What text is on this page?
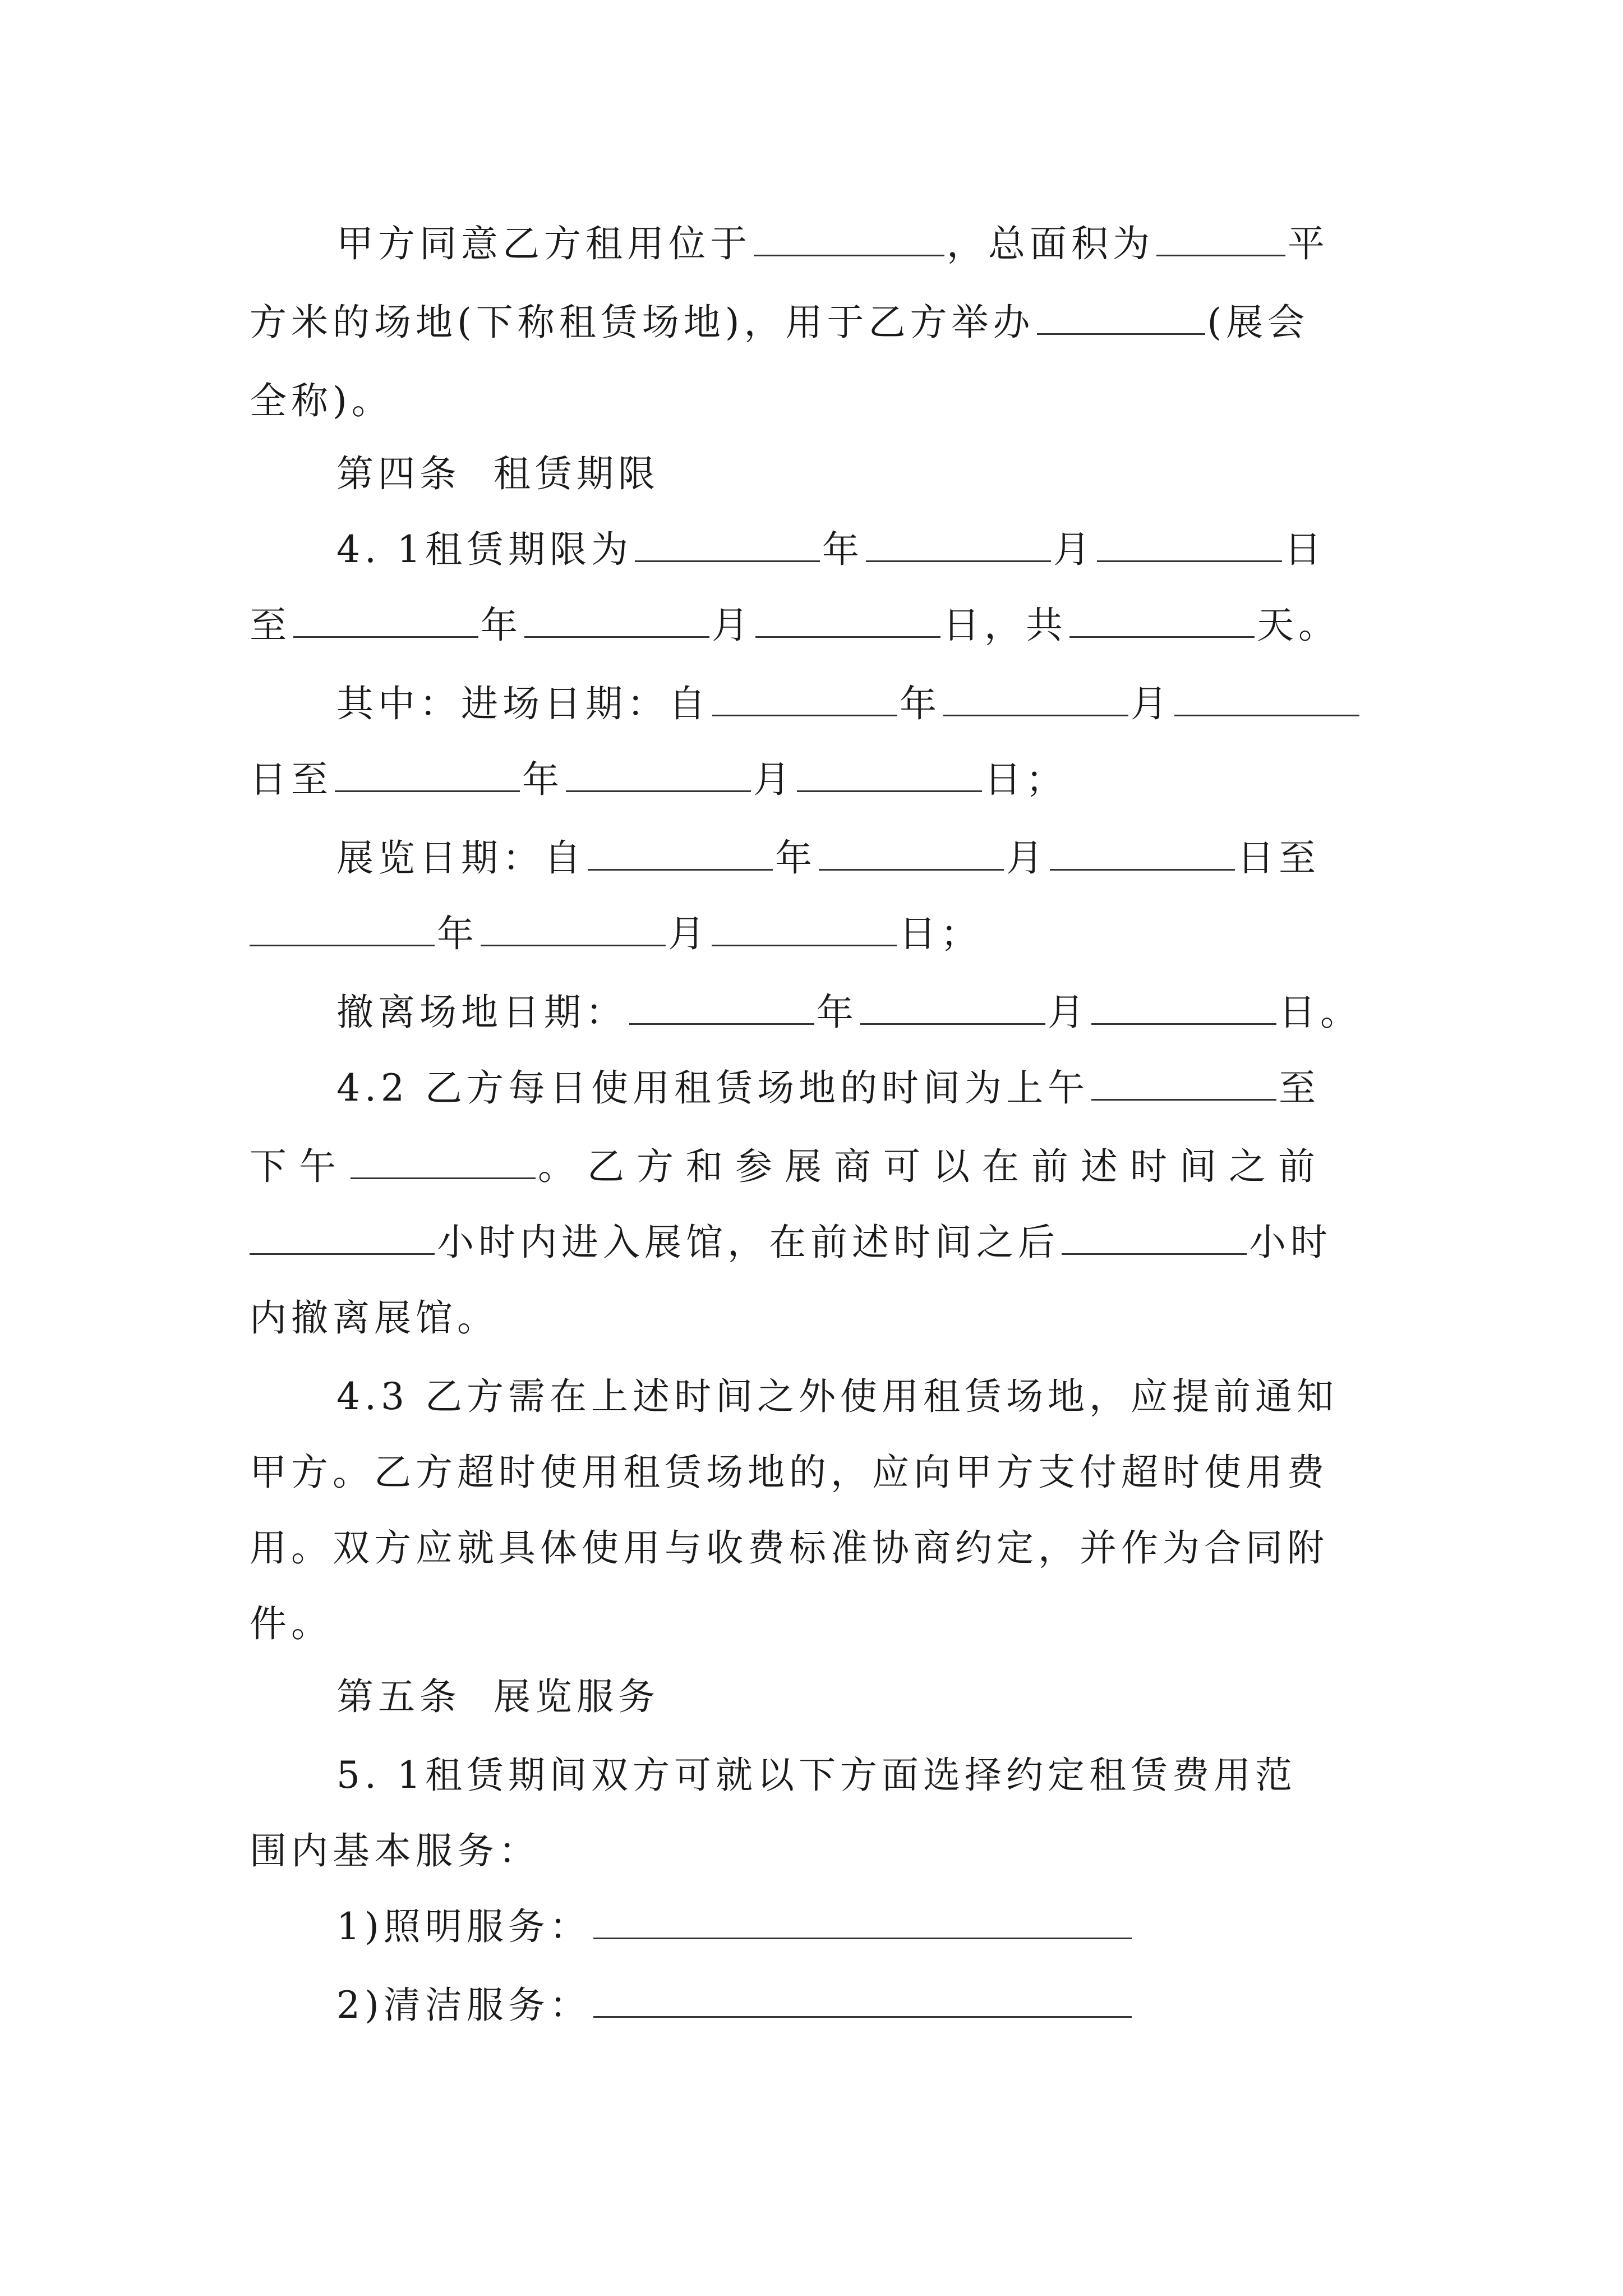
甲方同意乙方租用位于	，总面积为	平
方米的场地(下称租赁场地)，用于乙方举办	(展会
全称)。
第四条  租赁期限
4. 1租赁期限为	年	月	日
至	年	月	日，共	天。
其中：进场日期：自	年	月
日至	年	月	日；
展览日期：自	年	月	日至
年	月	日；
撤离场地日期：	年	月	日。
4.2 乙方每日使用租赁场地的时间为上午	至
下午	。乙方和参展商可以在前述时间之前
小时内进入展馆，在前述时间之后	小时
内撤离展馆。
4.3 乙方需在上述时间之外使用租赁场地，应提前通知
甲方。乙方超时使用租赁场地的，应向甲方支付超时使用费
用。双方应就具体使用与收费标准协商约定，并作为合同附
件。
第五条  展览服务
5. 1租赁期间双方可就以下方面选择约定租赁费用范
围内基本服务：
1)照明服务：
2)清洁服务：
